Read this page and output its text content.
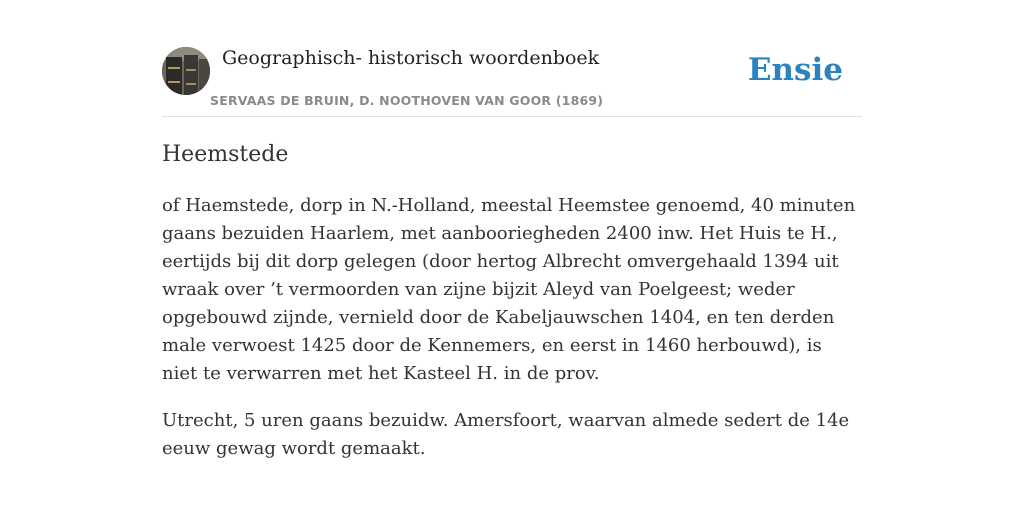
Geographisch- historisch woordenboek
SERVAAS DE BRUIN, D. NOOTHOVEN VAN GOOR (1869)
Ensie
Heemstede

of Haemstede, dorp in N.-Holland, meestal Heemstee genoemd, 40 minuten gaans bezuiden Haarlem, met aanbooriegheden 2400 inw. Het Huis te H., eertijds bij dit dorp gelegen (door hertog Albrecht omvergehaald 1394 uit wraak over ’t vermoorden van zijne bijzit Aleyd van Poelgeest; weder opgebouwd zijnde, vernield door de Kabeljauwschen 1404, en ten derden male verwoest 1425 door de Kennemers, en eerst in 1460 herbouwd), is niet te verwarren met het Kasteel H. in de prov.

Utrecht, 5 uren gaans bezuidw. Amersfoort, waarvan almede sedert de 14e eeuw gewag wordt gemaakt.
